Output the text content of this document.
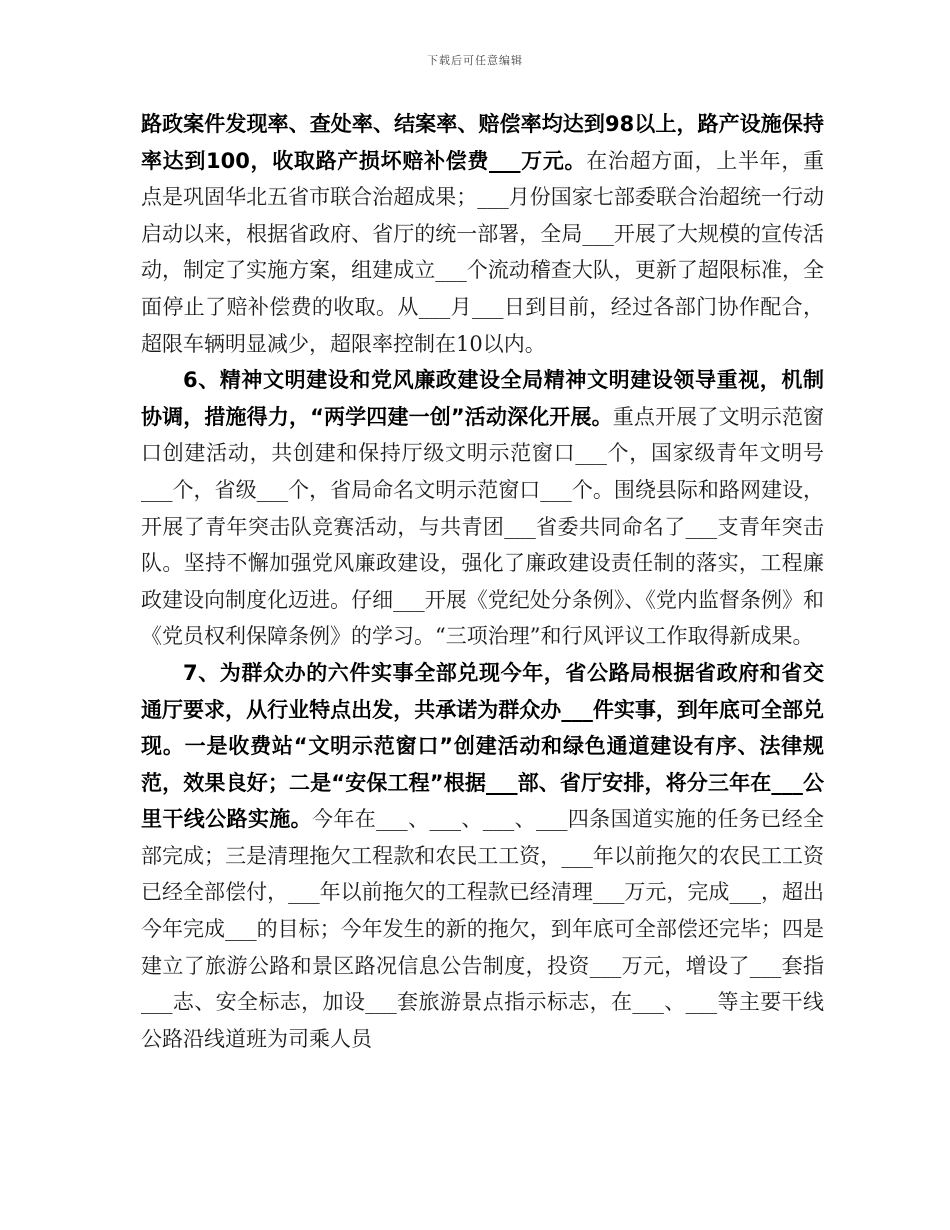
下载后可任意编辑

路政案件发现率、查处率、结案率、赔偿率均达到98以上，路产设施保持率达到100，收取路产损坏赔补偿费___万元。在治超方面，上半年，重点是巩固华北五省市联合治超成果；___月份国家七部委联合治超统一行动启动以来，根据省政府、省厅的统一部署，全局___开展了大规模的宣传活动，制定了实施方案，组建成立___个流动稽查大队，更新了超限标准，全面停止了赔补偿费的收取。从___月___日到目前，经过各部门协作配合，超限车辆明显减少，超限率控制在10以内。

6、精神文明建设和党风廉政建设全局精神文明建设领导重视，机制协调，措施得力，“两学四建一创”活动深化开展。重点开展了文明示范窗口创建活动，共创建和保持厅级文明示范窗口___个，国家级青年文明号___个，省级___个，省局命名文明示范窗口___个。围绕县际和路网建设，开展了青年突击队竞赛活动，与共青团___省委共同命名了___支青年突击队。坚持不懈加强党风廉政建设，强化了廉政建设责任制的落实，工程廉政建设向制度化迈进。仔细___开展《党纪处分条例》、《党内监督条例》和《党员权利保障条例》的学习。“三项治理”和行风评议工作取得新成果。

7、为群众办的六件实事全部兑现今年，省公路局根据省政府和省交通厅要求，从行业特点出发，共承诺为群众办___件实事，到年底可全部兑现。一是收费站“文明示范窗口”创建活动和绿色通道建设有序、法律规范，效果良好；二是“安保工程”根据___部、省厅安排，将分三年在___公里干线公路实施。今年在___、___、___、___四条国道实施的任务已经全部完成；三是清理拖欠工程款和农民工工资，___年以前拖欠的农民工工资已经全部偿付，___年以前拖欠的工程款已经清理___万元，完成___，超出今年完成___的目标；今年发生的新的拖欠，到年底可全部偿还完毕；四是建立了旅游公路和景区路况信息公告制度，投资___万元，增设了___套指___志、安全标志，加设___套旅游景点指示标志，在___、___等主要干线公路沿线道班为司乘人员
